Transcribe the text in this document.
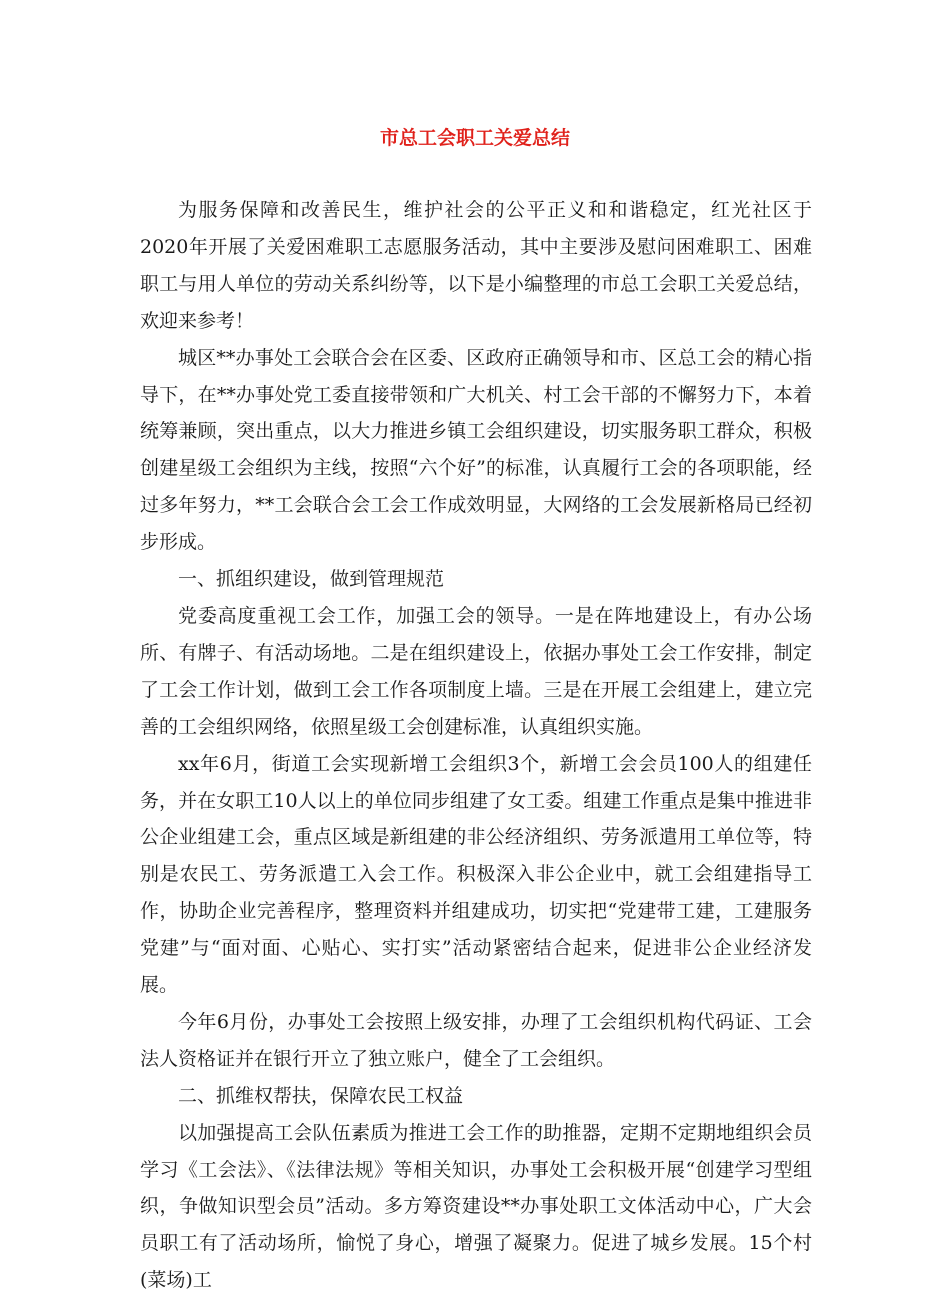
市总工会职工关爱总结

为服务保障和改善民生，维护社会的公平正义和和谐稳定，红光社区于2020年开展了关爱困难职工志愿服务活动，其中主要涉及慰问困难职工、困难职工与用人单位的劳动关系纠纷等，以下是小编整理的市总工会职工关爱总结，欢迎来参考！

城区**办事处工会联合会在区委、区政府正确领导和市、区总工会的精心指导下，在**办事处党工委直接带领和广大机关、村工会干部的不懈努力下，本着统筹兼顾，突出重点，以大力推进乡镇工会组织建设，切实服务职工群众，积极创建星级工会组织为主线，按照“六个好”的标准，认真履行工会的各项职能，经过多年努力，**工会联合会工会工作成效明显，大网络的工会发展新格局已经初步形成。

一、抓组织建设，做到管理规范

党委高度重视工会工作，加强工会的领导。一是在阵地建设上，有办公场所、有牌子、有活动场地。二是在组织建设上，依据办事处工会工作安排，制定了工会工作计划，做到工会工作各项制度上墙。三是在开展工会组建上，建立完善的工会组织网络，依照星级工会创建标准，认真组织实施。

xx年6月，街道工会实现新增工会组织3个，新增工会会员100人的组建任务，并在女职工10人以上的单位同步组建了女工委。组建工作重点是集中推进非公企业组建工会，重点区域是新组建的非公经济组织、劳务派遣用工单位等，特别是农民工、劳务派遣工入会工作。积极深入非公企业中，就工会组建指导工作，协助企业完善程序，整理资料并组建成功，切实把“党建带工建，工建服务党建”与“面对面、心贴心、实打实”活动紧密结合起来，促进非公企业经济发展。

今年6月份，办事处工会按照上级安排，办理了工会组织机构代码证、工会法人资格证并在银行开立了独立账户，健全了工会组织。

二、抓维权帮扶，保障农民工权益

以加强提高工会队伍素质为推进工会工作的助推器，定期不定期地组织会员学习《工会法》、《法律法规》等相关知识，办事处工会积极开展“创建学习型组织，争做知识型会员”活动。多方筹资建设**办事处职工文体活动中心，广大会员职工有了活动场所，愉悦了身心，增强了凝聚力。促进了城乡发展。15个村(菜场)工
